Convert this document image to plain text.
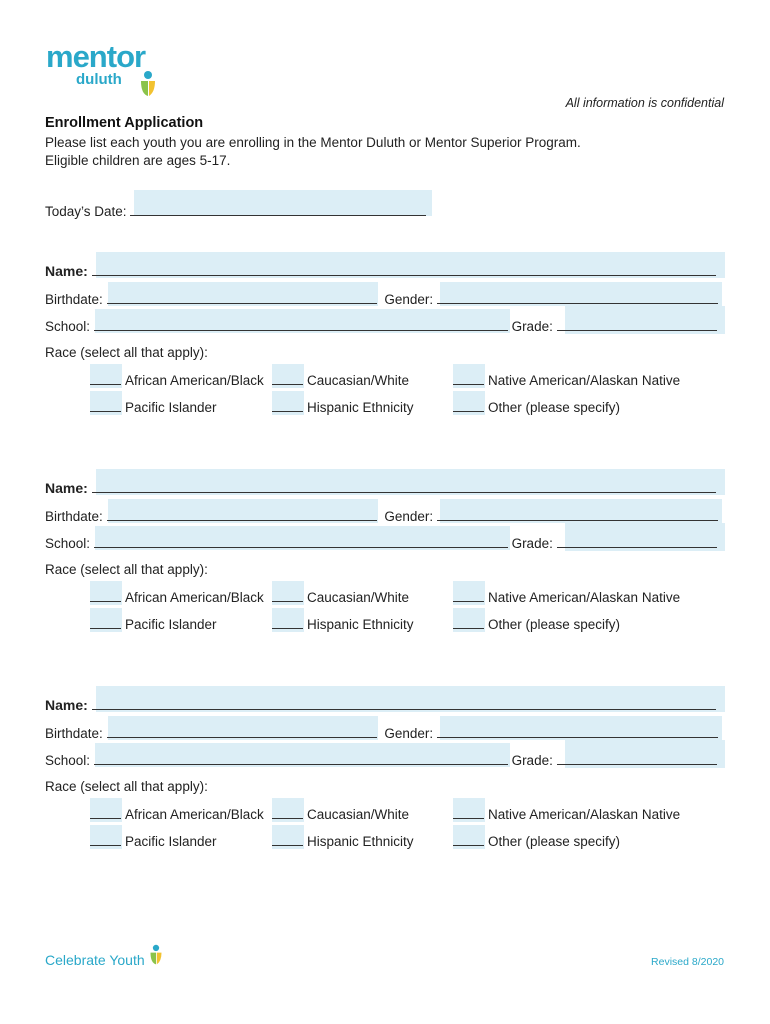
mentor
duluth
All information is confidential
Enrollment Application
Please list each youth you are enrolling in the Mentor Duluth or Mentor Superior Program.
Eligible children are ages 5-17.
Today’s Date:
Name:
Birthdate:	Gender:
School:	Grade:
Race (select all that apply):
African American/Black	Caucasian/White	Native American/Alaskan Native
Pacific Islander	Hispanic Ethnicity	Other (please specify)
Name:
Birthdate:	Gender:
School:	Grade:
Race (select all that apply):
African American/Black	Caucasian/White	Native American/Alaskan Native
Pacific Islander	Hispanic Ethnicity	Other (please specify)
Name:
Birthdate:	Gender:
School:	Grade:
Race (select all that apply):
African American/Black	Caucasian/White	Native American/Alaskan Native
Pacific Islander	Hispanic Ethnicity	Other (please specify)
Celebrate Youth	Revised 8/2020
